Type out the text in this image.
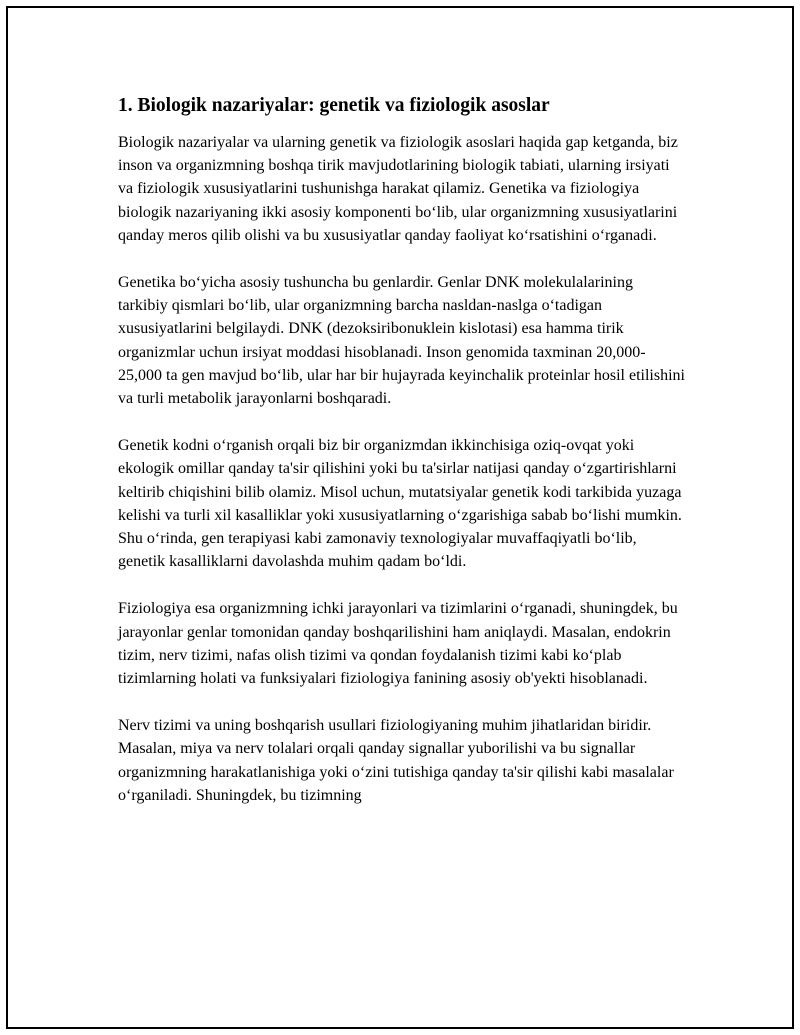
1. Biologik nazariyalar: genetik va fiziologik asoslar

Biologik nazariyalar va ularning genetik va fiziologik asoslari haqida gap ketganda, biz inson va organizmning boshqa tirik mavjudotlarining biologik tabiati, ularning irsiyati va fiziologik xususiyatlarini tushunishga harakat qilamiz. Genetika va fiziologiya biologik nazariyaning ikki asosiy komponenti bo‘lib, ular organizmning xususiyatlarini qanday meros qilib olishi va bu xususiyatlar qanday faoliyat ko‘rsatishini o‘rganadi.

Genetika bo‘yicha asosiy tushuncha bu genlardir. Genlar DNK molekulalarining tarkibiy qismlari bo‘lib, ular organizmning barcha nasldan-naslga o‘tadigan xususiyatlarini belgilaydi. DNK (dezoksiribonuklein kislotasi) esa hamma tirik organizmlar uchun irsiyat moddasi hisoblanadi. Inson genomida taxminan 20,000-25,000 ta gen mavjud bo‘lib, ular har bir hujayrada keyinchalik proteinlar hosil etilishini va turli metabolik jarayonlarni boshqaradi.

Genetik kodni o‘rganish orqali biz bir organizmdan ikkinchisiga oziq-ovqat yoki ekologik omillar qanday ta'sir qilishini yoki bu ta'sirlar natijasi qanday o‘zgartirishlarni keltirib chiqishini bilib olamiz. Misol uchun, mutatsiyalar genetik kodi tarkibida yuzaga kelishi va turli xil kasalliklar yoki xususiyatlarning o‘zgarishiga sabab bo‘lishi mumkin. Shu o‘rinda, gen terapiyasi kabi zamonaviy texnologiyalar muvaffaqiyatli bo‘lib, genetik kasalliklarni davolashda muhim qadam bo‘ldi.

Fiziologiya esa organizmning ichki jarayonlari va tizimlarini o‘rganadi, shuningdek, bu jarayonlar genlar tomonidan qanday boshqarilishini ham aniqlaydi. Masalan, endokrin tizim, nerv tizimi, nafas olish tizimi va qondan foydalanish tizimi kabi ko‘plab tizimlarning holati va funksiyalari fiziologiya fanining asosiy ob'yekti hisoblanadi.

Nerv tizimi va uning boshqarish usullari fiziologiyaning muhim jihatlaridan biridir. Masalan, miya va nerv tolalari orqali qanday signallar yuborilishi va bu signallar organizmning harakatlanishiga yoki o‘zini tutishiga qanday ta'sir qilishi kabi masalalar o‘rganiladi. Shuningdek, bu tizimning
